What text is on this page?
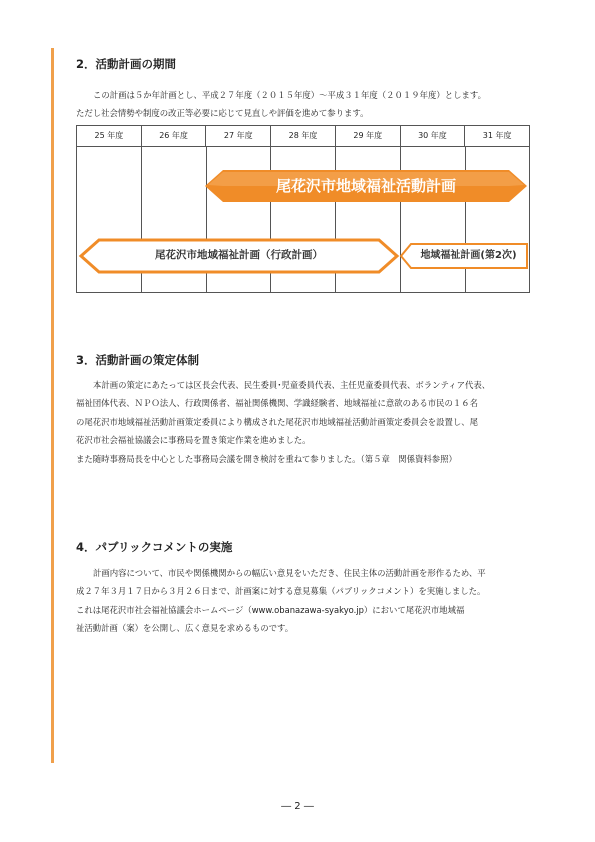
2．活動計画の期間

この計画は５か年計画とし、平成２７年度（２０１５年度）～平成３１年度（２０１９年度）とします。

ただし社会情勢や制度の改正等必要に応じて見直しや評価を進めて参ります。

25 年度	26 年度	27 年度	28 年度	29 年度	30 年度	31 年度
尾花沢市地域福祉活動計画
尾花沢市地域福祉計画（行政計画）	地域福祉計画(第2次)
3．活動計画の策定体制

本計画の策定にあたっては区長会代表、民生委員･児童委員代表、主任児童委員代表、ボランティア代表、

福祉団体代表、ＮＰＯ法人、行政関係者、福祉関係機関、学識経験者、地域福祉に意欲のある市民の１６名

の尾花沢市地域福祉活動計画策定委員により構成された尾花沢市地域福祉活動計画策定委員会を設置し、尾

花沢市社会福祉協議会に事務局を置き策定作業を進めました。

また随時事務局長を中心とした事務局会議を開き検討を重ねて参りました。（第５章　関係資料参照）

4．パブリックコメントの実施

計画内容について、市民や関係機関からの幅広い意見をいただき、住民主体の活動計画を形作るため、平

成２７年３月１７日から３月２６日まで、計画案に対する意見募集（パブリックコメント）を実施しました。

これは尾花沢市社会福祉協議会ホームページ（www.obanazawa-syakyo.jp）において尾花沢市地域福

祉活動計画（案）を公開し、広く意見を求めるものです。

― 2 ―
